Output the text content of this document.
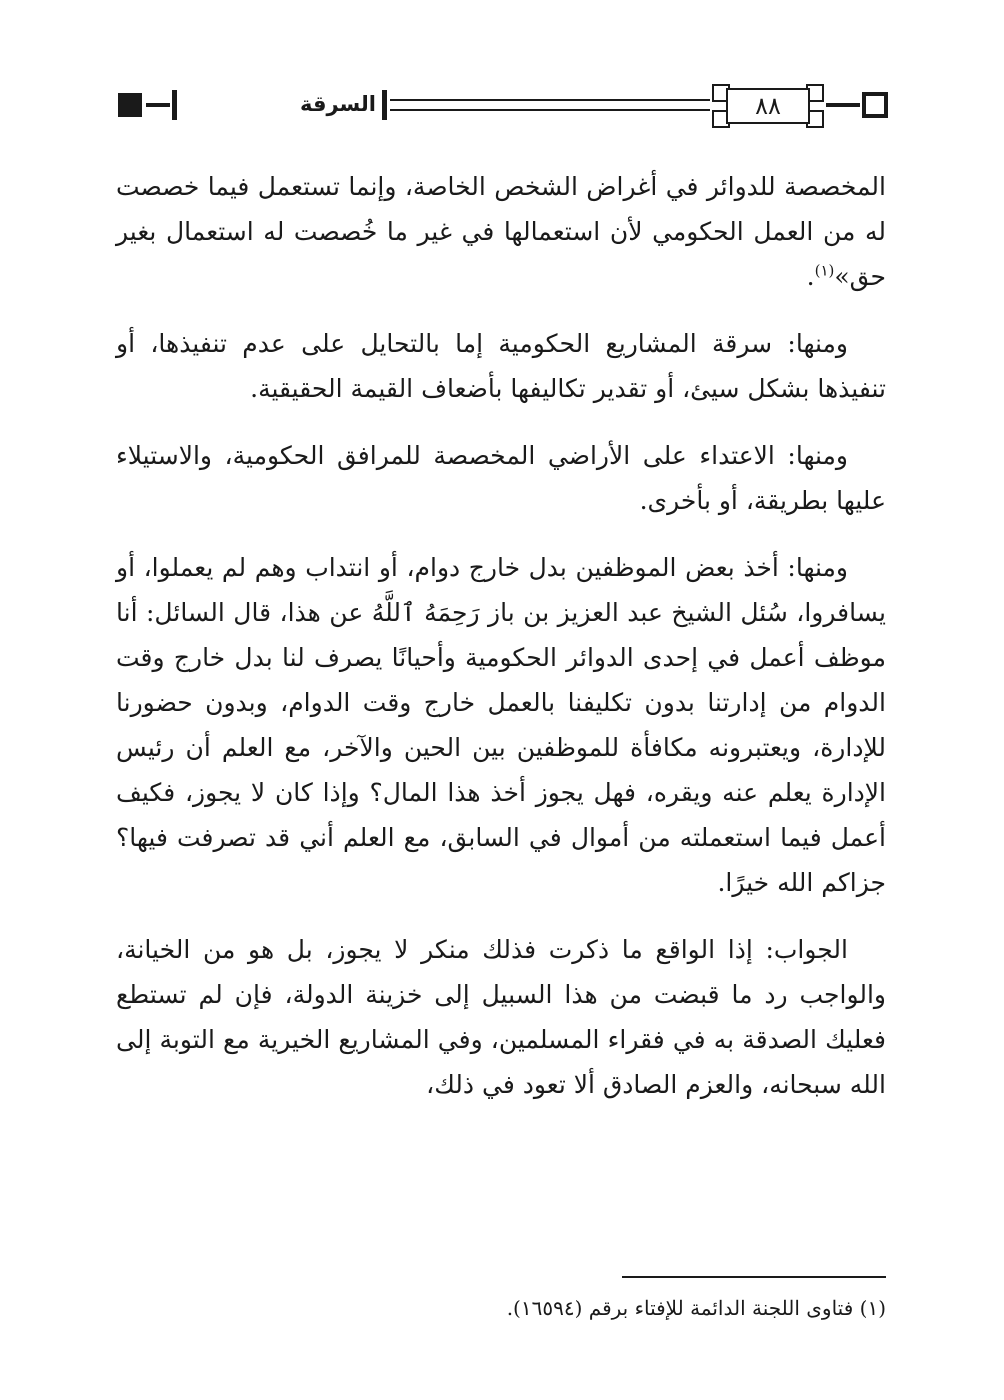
السرقة	٨٨

المخصصة للدوائر في أغراض الشخص الخاصة، وإنما تستعمل فيما خصصت له من العمل الحكومي لأن استعمالها في غير ما خُصصت له استعمال بغير حق»$^{(١)}$.

ومنها: سرقة المشاريع الحكومية إما بالتحايل على عدم تنفيذها، أو تنفيذها بشكل سيئ، أو تقدير تكاليفها بأضعاف القيمة الحقيقية.

ومنها: الاعتداء على الأراضي المخصصة للمرافق الحكومية، والاستيلاء عليها بطريقة، أو بأخرى.

ومنها: أخذ بعض الموظفين بدل خارج دوام، أو انتداب وهم لم يعملوا، أو يسافروا، سُئل الشيخ عبد العزيز بن باز رَحِمَهُ ٱللَّهُ عن هذا، قال السائل: أنا موظف أعمل في إحدى الدوائر الحكومية وأحيانًا يصرف لنا بدل خارج وقت الدوام من إدارتنا بدون تكليفنا بالعمل خارج وقت الدوام، وبدون حضورنا للإدارة، ويعتبرونه مكافأة للموظفين بين الحين والآخر، مع العلم أن رئيس الإدارة يعلم عنه ويقره، فهل يجوز أخذ هذا المال؟ وإذا كان لا يجوز، فكيف أعمل فيما استعملته من أموال في السابق، مع العلم أني قد تصرفت فيها؟ جزاكم الله خيرًا.

الجواب: إذا الواقع ما ذكرت فذلك منكر لا يجوز، بل هو من الخيانة، والواجب رد ما قبضت من هذا السبيل إلى خزينة الدولة، فإن لم تستطع فعليك الصدقة به في فقراء المسلمين، وفي المشاريع الخيرية مع التوبة إلى الله سبحانه، والعزم الصادق ألا تعود في ذلك،

(١) فتاوى اللجنة الدائمة للإفتاء برقم (١٦٥٩٤).
